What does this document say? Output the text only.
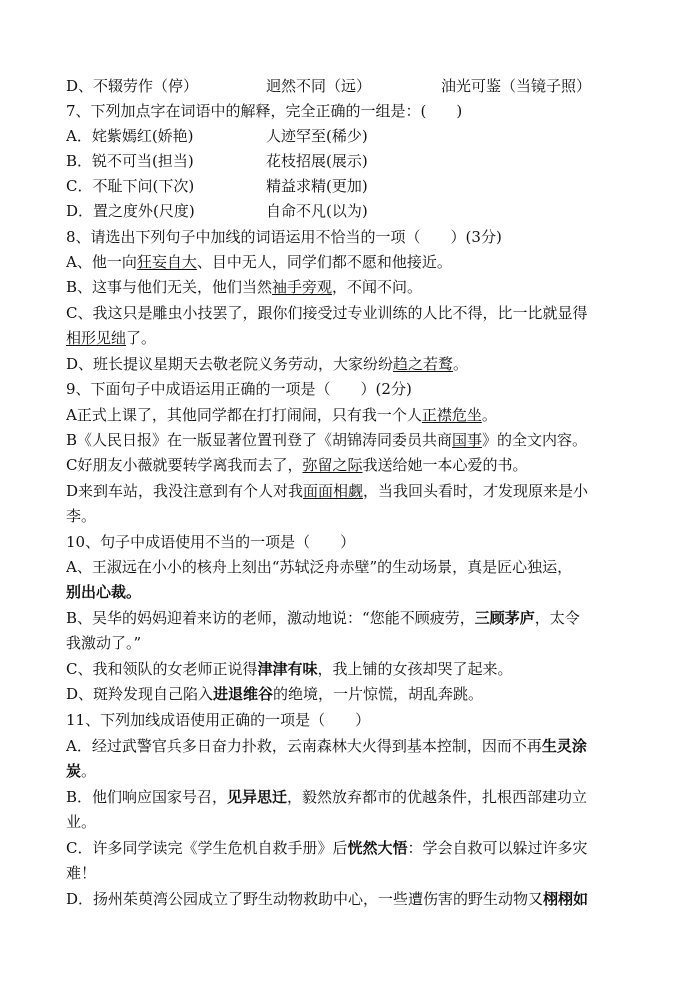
D、不辍劳作（停）	迥然不同（远）	油光可鉴（当镜子照）
7、下列加点字在词语中的解释，完全正确的一组是：(　　)
A．姹紫嫣红(娇艳)	人迹罕至(稀少)
B．锐不可当(担当)	花枝招展(展示)
C．不耻下问(下次)	精益求精(更加)
D．置之度外(尺度)	自命不凡(以为)
8、请选出下列句子中加线的词语运用不恰当的一项（　　）(3分)
A、他一向狂妄自大、目中无人，同学们都不愿和他接近。
B、这事与他们无关，他们当然袖手旁观，不闻不问。
C、我这只是雕虫小技罢了，跟你们接受过专业训练的人比不得，比一比就显得
相形见绌了。
D、班长提议星期天去敬老院义务劳动，大家纷纷趋之若鹜。
9、下面句子中成语运用正确的一项是（　　）(2分)
A正式上课了，其他同学都在打打闹闹，只有我一个人正襟危坐。
B《人民日报》在一版显著位置刊登了《胡锦涛同委员共商国事》的全文内容。
C好朋友小薇就要转学离我而去了，弥留之际我送给她一本心爱的书。
D来到车站，我没注意到有个人对我面面相觑，当我回头看时，才发现原来是小
李。
10、句子中成语使用不当的一项是（　　）
A、王淑远在小小的核舟上刻出“苏轼泛舟赤壁”的生动场景，真是匠心独运，
别出心裁。
B、吴华的妈妈迎着来访的老师，激动地说：“您能不顾疲劳，三顾茅庐，太令
我激动了。”
C、我和领队的女老师正说得津津有味，我上铺的女孩却哭了起来。
D、斑羚发现自己陷入进退维谷的绝境，一片惊慌，胡乱奔跳。
11、下列加线成语使用正确的一项是（　　）
A．经过武警官兵多日奋力扑救，云南森林大火得到基本控制，因而不再生灵涂
炭。
B．他们响应国家号召，见异思迁，毅然放弃都市的优越条件，扎根西部建功立
业。
C．许多同学读完《学生危机自救手册》后恍然大悟：学会自救可以躲过许多灾
难！
D．扬州茱萸湾公园成立了野生动物救助中心，一些遭伤害的野生动物又栩栩如
